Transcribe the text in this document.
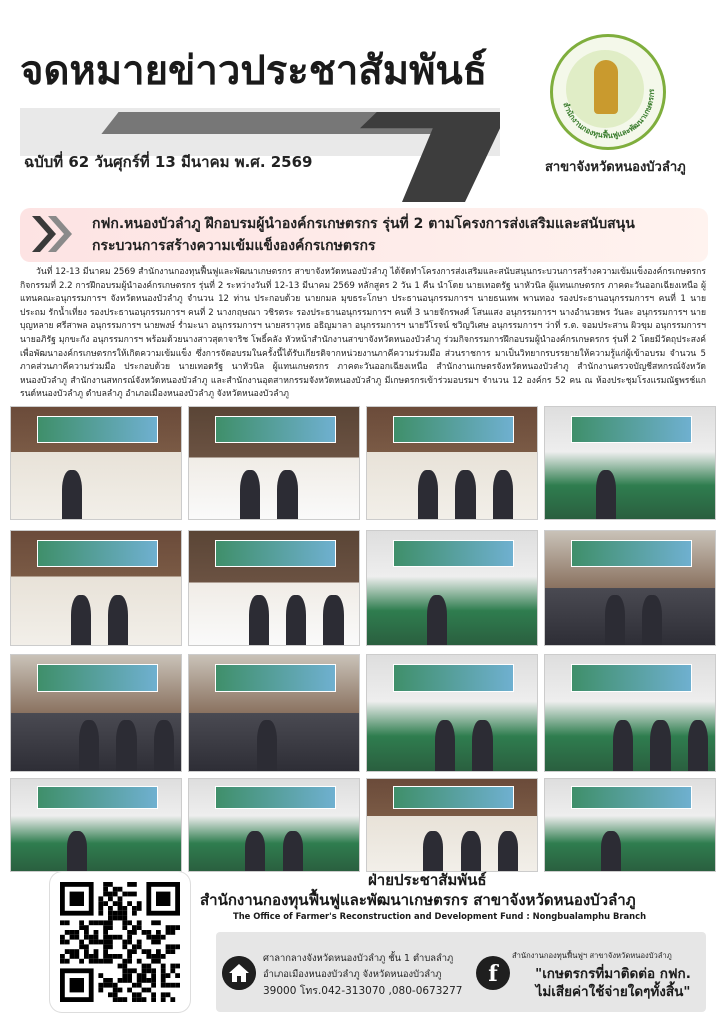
จดหมายข่าวประชาสัมพันธ์
ฉบับที่ 62 วันศุกร์ที่ 13 มีนาคม พ.ศ. 2569
สำนักงานกองทุนฟื้นฟูและพัฒนาเกษตรกร
สาขาจังหวัดหนองบัวลำภู
กฟก.หนองบัวลำภู ฝึกอบรมผู้นำองค์กรเกษตรกร รุ่นที่ 2 ตามโครงการส่งเสริมและสนับสนุนกระบวนการสร้างความเข้มแข็งองค์กรเกษตรกร
วันที่ 12-13 มีนาคม 2569 สำนักงานกองทุนฟื้นฟูและพัฒนาเกษตรกร สาขาจังหวัดหนองบัวลำภู ได้จัดทำโครงการส่งเสริมและสนับสนุนกระบวนการสร้างความเข้มแข็งองค์กรเกษตรกร กิจกรรมที่ 2.2 การฝึกอบรมผู้นำองค์กรเกษตรกร รุ่นที่ 2 ระหว่างวันที่ 12-13 มีนาคม 2569 หลักสูตร 2 วัน 1 คืน นำโดย นายเทอดรัฐ นาหัวนิล ผู้แทนเกษตรกร ภาคตะวันออกเฉียงเหนือ ผู้แทนคณะอนุกรรมการฯ จังหวัดหนองบัวลำภู จำนวน 12 ท่าน ประกอบด้วย นายกมล มุขธระโกษา ประธานอนุกรรมการฯ นายธนเทพ พานทอง รองประธานอนุกรรมการฯ คนที่ 1 นายประถม รักน้ำเที่ยง รองประธานอนุกรรมการฯ คนที่ 2 นางกฤษณา วชิรตระ รองประธานอนุกรรมการฯ คนที่ 3 นายจักรพงศ์ โสนแสง อนุกรรมการฯ นางอำนวยพร วันละ อนุกรรมการฯ นายบุญหลาย ศรีสาพล อนุกรรมการฯ นายพงษ์ ร่ำมะนา อนุกรรมการฯ นายสราวุทธ อธิญมาลา อนุกรรมการฯ นายวีโรจน์ ชวิญวิเศษ อนุกรรมการฯ ว่าที่ ร.ต. จอมประสาน ผิวขุม อนุกรรมการฯ นายอภิรัฐ มุกขะกัง อนุกรรมการฯ พร้อมด้วยนางสาวสุดาจาริช โพธิ์คลัง หัวหน้าสำนักงานสาขาจังหวัดหนองบัวลำภู ร่วมกิจกรรมการฝึกอบรมผู้นำองค์กรเกษตรกร รุ่นที่ 2 โดยมีวัตถุประสงค์เพื่อพัฒนาองค์กรเกษตรกรให้เกิดความเข้มแข็ง ซึ่งการจัดอบรมในครั้งนี้ได้รับเกียรติจากหน่วยงานภาคีความร่วมมือ ส่วนราชการ มาเป็นวิทยากรบรรยายให้ความรู้แก่ผู้เข้าอบรม จำนวน 5 ภาคส่วนภาคีความร่วมมือ ประกอบด้วย นายเทอดรัฐ นาหัวนิล ผู้แทนเกษตรกร ภาคตะวันออกเฉียงเหนือ สำนักงานเกษตรจังหวัดหนองบัวลำภู สำนักงานตรวจบัญชีสหกรณ์จังหวัดหนองบัวลำภู สำนักงานสหกรณ์จังหวัดหนองบัวลำภู และสำนักงานอุตสาหกรรมจังหวัดหนองบัวลำภู มีเกษตรกรเข้าร่วมอบรมฯ จำนวน 12 องค์กร 52 คน ณ ห้องประชุมโรงแรมณัฐพรช์แกรนด์หนองบัวลำภู ตำบลลำภู อำเภอเมืองหนองบัวลำภู จังหวัดหนองบัวลำภู
ฝ่ายประชาสัมพันธ์
สำนักงานกองทุนฟื้นฟูและพัฒนาเกษตรกร สาขาจังหวัดหนองบัวลำภู
The Office of Farmer's Reconstruction and Development Fund : Nongbualamphu Branch
ศาลากลางจังหวัดหนองบัวลำภู ชั้น 1 ตำบลลำภู
อำเภอเมืองหนองบัวลำภู จังหวัดหนองบัวลำภู
39000 โทร.042-313070 ,080-0673277
f
สำนักงานกองทุนฟื้นฟูฯ สาขาจังหวัดหนองบัวลำภู
"เกษตรกรที่มาติดต่อ กฟก.
ไม่เสียค่าใช้จ่ายใดๆทั้งสิ้น"
